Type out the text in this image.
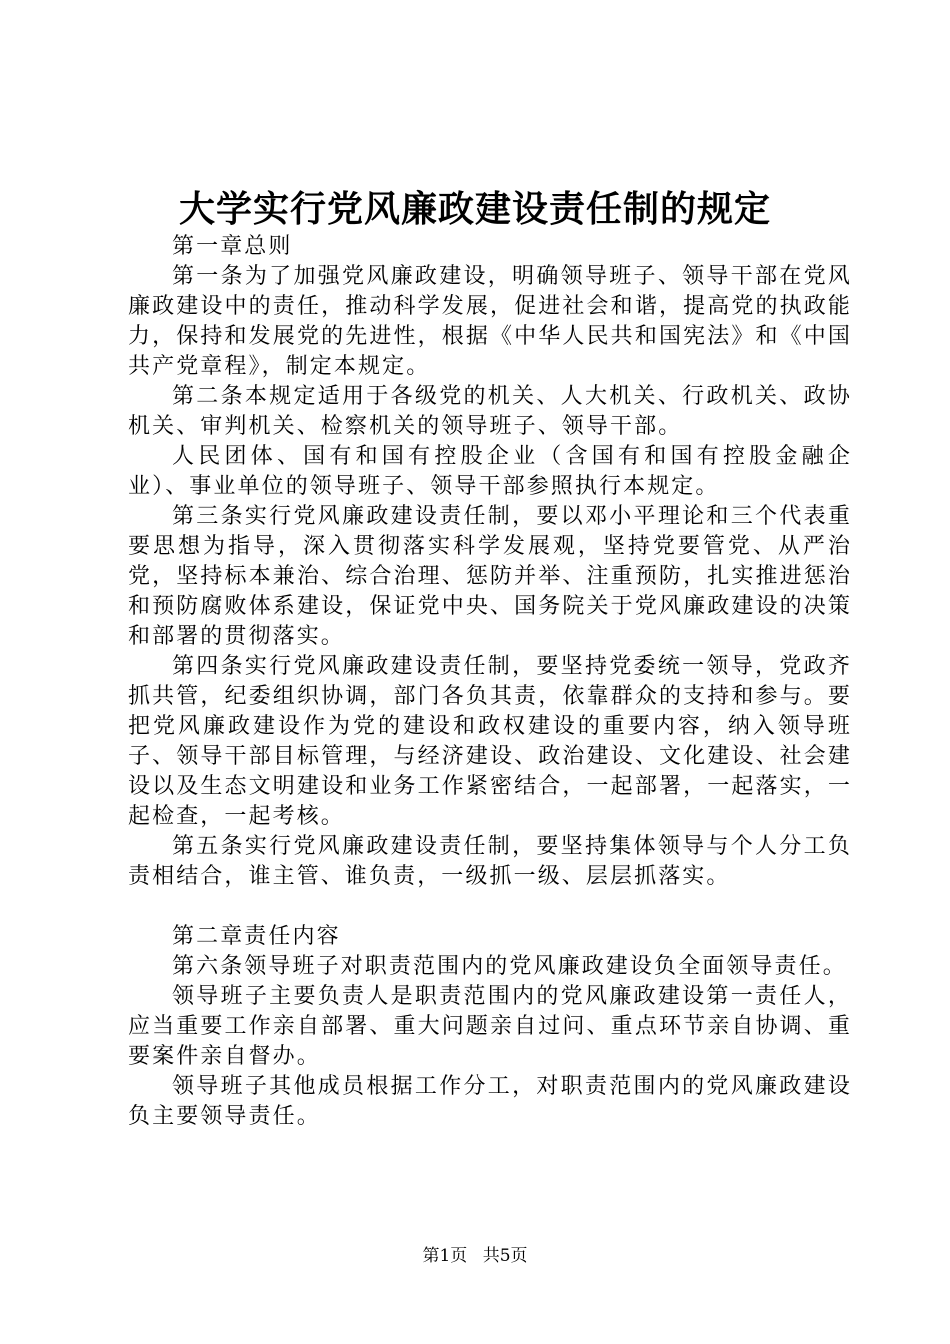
大学实行党风廉政建设责任制的规定

第一章总则

第一条为了加强党风廉政建设，明确领导班子、领导干部在党风廉政建设中的责任，推动科学发展，促进社会和谐，提高党的执政能力，保持和发展党的先进性，根据《中华人民共和国宪法》和《中国共产党章程》，制定本规定。

第二条本规定适用于各级党的机关、人大机关、行政机关、政协机关、审判机关、检察机关的领导班子、领导干部。

人民团体、国有和国有控股企业（含国有和国有控股金融企业）、事业单位的领导班子、领导干部参照执行本规定。

第三条实行党风廉政建设责任制，要以邓小平理论和三个代表重要思想为指导，深入贯彻落实科学发展观，坚持党要管党、从严治党，坚持标本兼治、综合治理、惩防并举、注重预防，扎实推进惩治和预防腐败体系建设，保证党中央、国务院关于党风廉政建设的决策和部署的贯彻落实。

第四条实行党风廉政建设责任制，要坚持党委统一领导，党政齐抓共管，纪委组织协调，部门各负其责，依靠群众的支持和参与。要把党风廉政建设作为党的建设和政权建设的重要内容，纳入领导班子、领导干部目标管理，与经济建设、政治建设、文化建设、社会建设以及生态文明建设和业务工作紧密结合，一起部署，一起落实，一起检查，一起考核。

第五条实行党风廉政建设责任制，要坚持集体领导与个人分工负责相结合，谁主管、谁负责，一级抓一级、层层抓落实。

第二章责任内容

第六条领导班子对职责范围内的党风廉政建设负全面领导责任。

领导班子主要负责人是职责范围内的党风廉政建设第一责任人，应当重要工作亲自部署、重大问题亲自过问、重点环节亲自协调、重要案件亲自督办。

领导班子其他成员根据工作分工，对职责范围内的党风廉政建设负主要领导责任。

第1页 共5页
